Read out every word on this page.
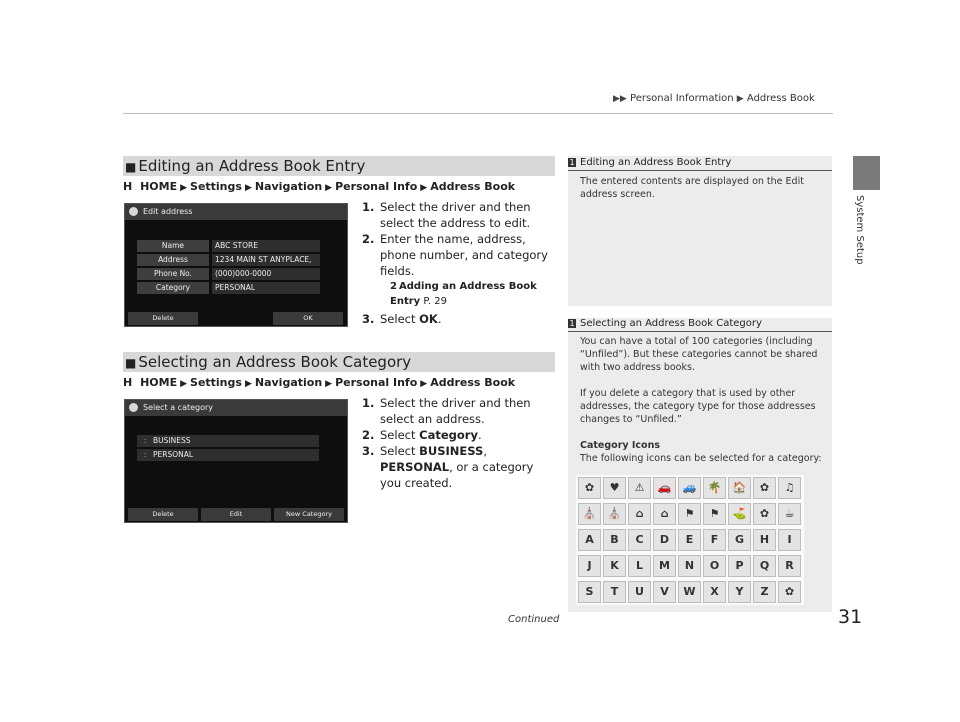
▶▶ Personal Information ▶ Address Book
System Setup
■ Editing an Address Book Entry
H HOME ▶ Settings ▶ Navigation ▶ Personal Info ▶ Address Book
Edit address
Name	ABC STORE
Address	1234 MAIN ST ANYPLACE,
Phone No.	(000)000-0000
Category	PERSONAL
Delete	OK
1. Select the driver and then select the address to edit.
2. Enter the name, address, phone number, and category fields.
2 Adding an Address Book Entry P. 29
3. Select OK.
■ Selecting an Address Book Category
H HOME ▶ Settings ▶ Navigation ▶ Personal Info ▶ Address Book
Select a category
: BUSINESS
: PERSONAL
Delete	Edit	New Category
1. Select the driver and then select an address.
2. Select Category.
3. Select BUSINESS, PERSONAL, or a category you created.
1 Editing an Address Book Entry
The entered contents are displayed on the Edit address screen.
1 Selecting an Address Book Category
You can have a total of 100 categories (including “Unfiled”). But these categories cannot be shared with two address books.
If you delete a category that is used by other addresses, the category type for those addresses changes to “Unfiled.”
Category Icons
The following icons can be selected for a category:
✿	♥	⚠	🚗	🚙	🌴	🏠	✿	♫
⛪	⛪	⌂	⌂	⚑	⚑	⛳	✿	☕
A	B	C	D	E	F	G	H	I
J	K	L	M	N	O	P	Q	R
S	T	U	V	W	X	Y	Z	✿
Continued	31
